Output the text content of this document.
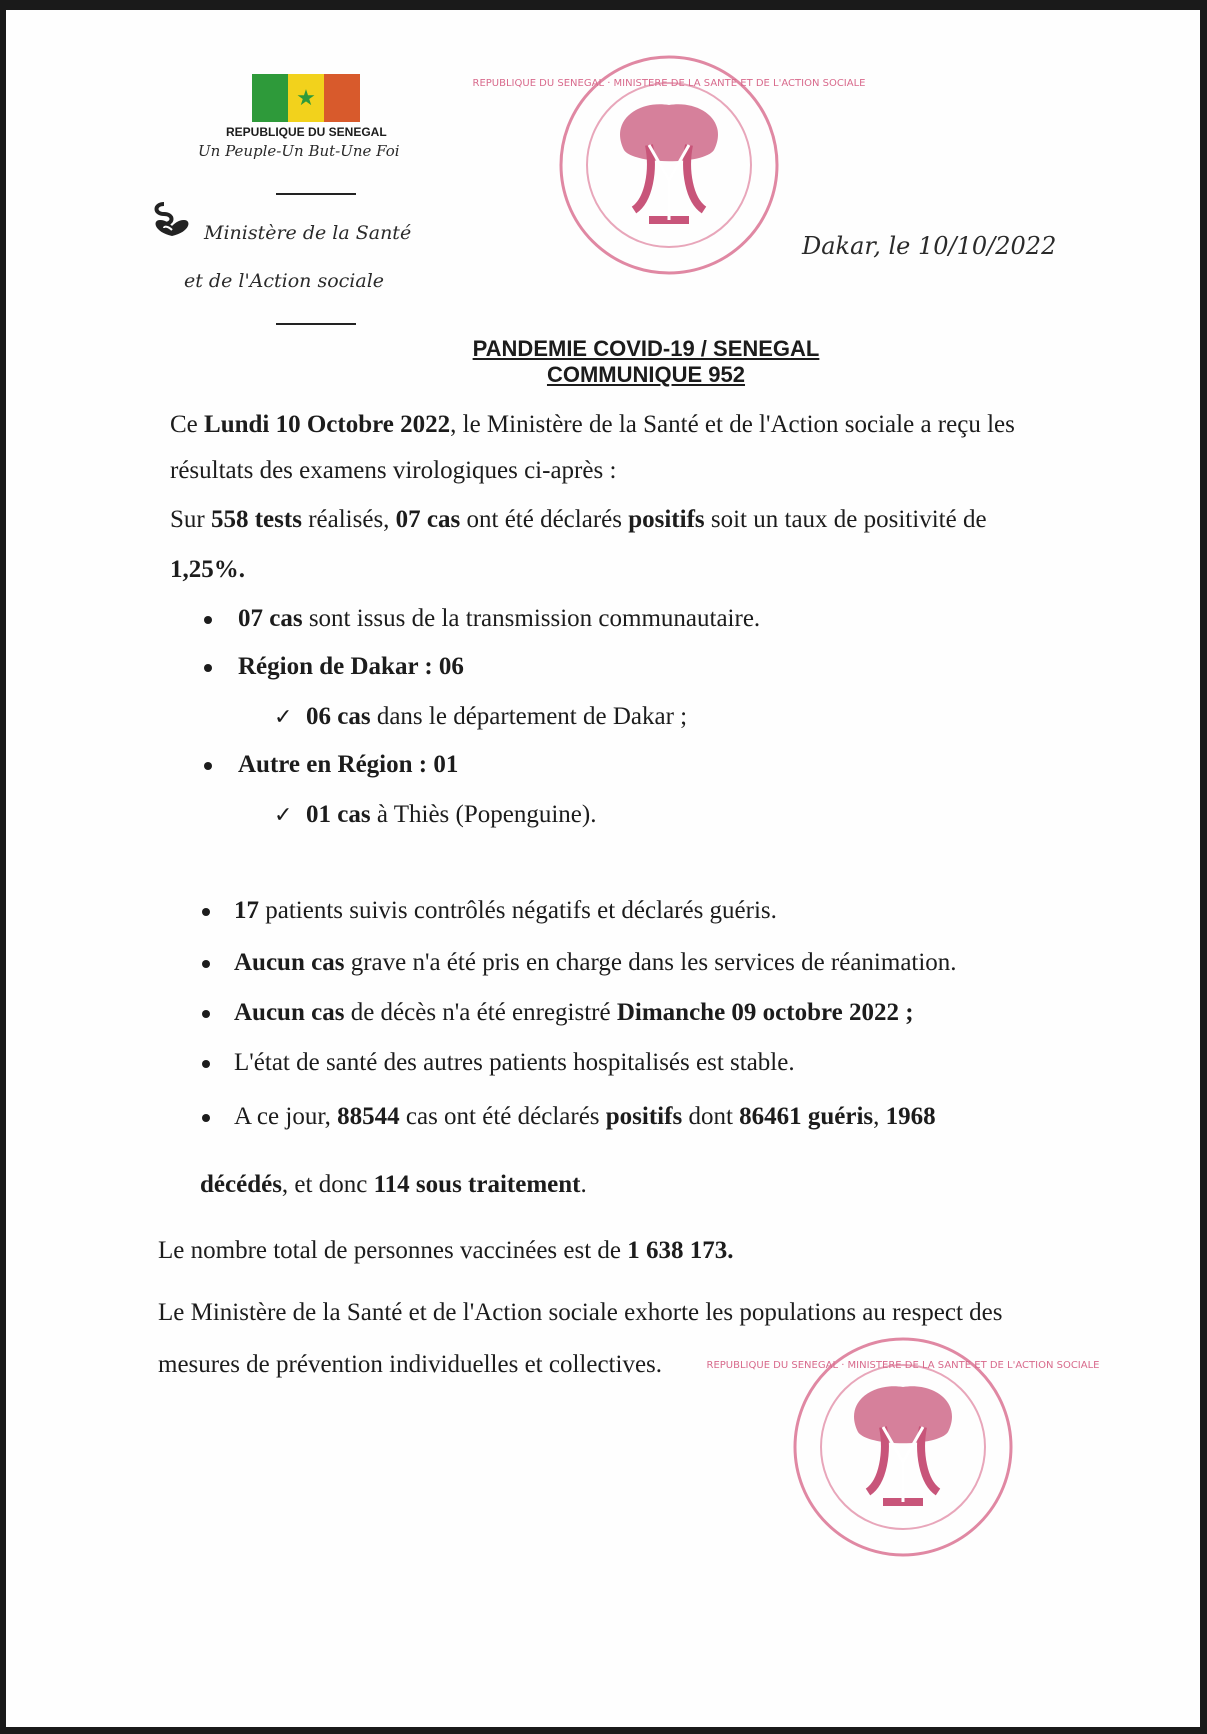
★
REPUBLIQUE DU SENEGAL
Un Peuple-Un But-Une Foi
Ministère de la Santé
et de l'Action sociale
REPUBLIQUE DU SENEGAL · MINISTERE DE LA SANTE ET DE L'ACTION SOCIALE
Dakar, le 10/10/2022
PANDEMIE COVID-19 / SENEGAL
COMMUNIQUE 952
Ce Lundi 10 Octobre 2022, le Ministère de la Santé et de l'Action sociale a reçu les
résultats des examens virologiques ci-après :
Sur 558 tests réalisés, 07 cas ont été déclarés positifs soit un taux de positivité de
1,25%.
07 cas sont issus de la transmission communautaire.
Région de Dakar : 06
✓ 06 cas dans le département de Dakar ;
Autre en Région : 01
✓ 01 cas à Thiès (Popenguine).
17 patients suivis contrôlés négatifs et déclarés guéris.
Aucun cas grave n'a été pris en charge dans les services de réanimation.
Aucun cas de décès n'a été enregistré Dimanche 09 octobre 2022 ;
L'état de santé des autres patients hospitalisés est stable.
A ce jour, 88544 cas ont été déclarés positifs dont 86461 guéris, 1968
décédés, et donc 114 sous traitement.
Le nombre total de personnes vaccinées est de 1 638 173.
Le Ministère de la Santé et de l'Action sociale exhorte les populations au respect des
mesures de prévention individuelles et collectives.	REPUBLIQUE DU SENEGAL · MINISTERE DE LA SANTE ET DE L'ACTION SOCIALE
